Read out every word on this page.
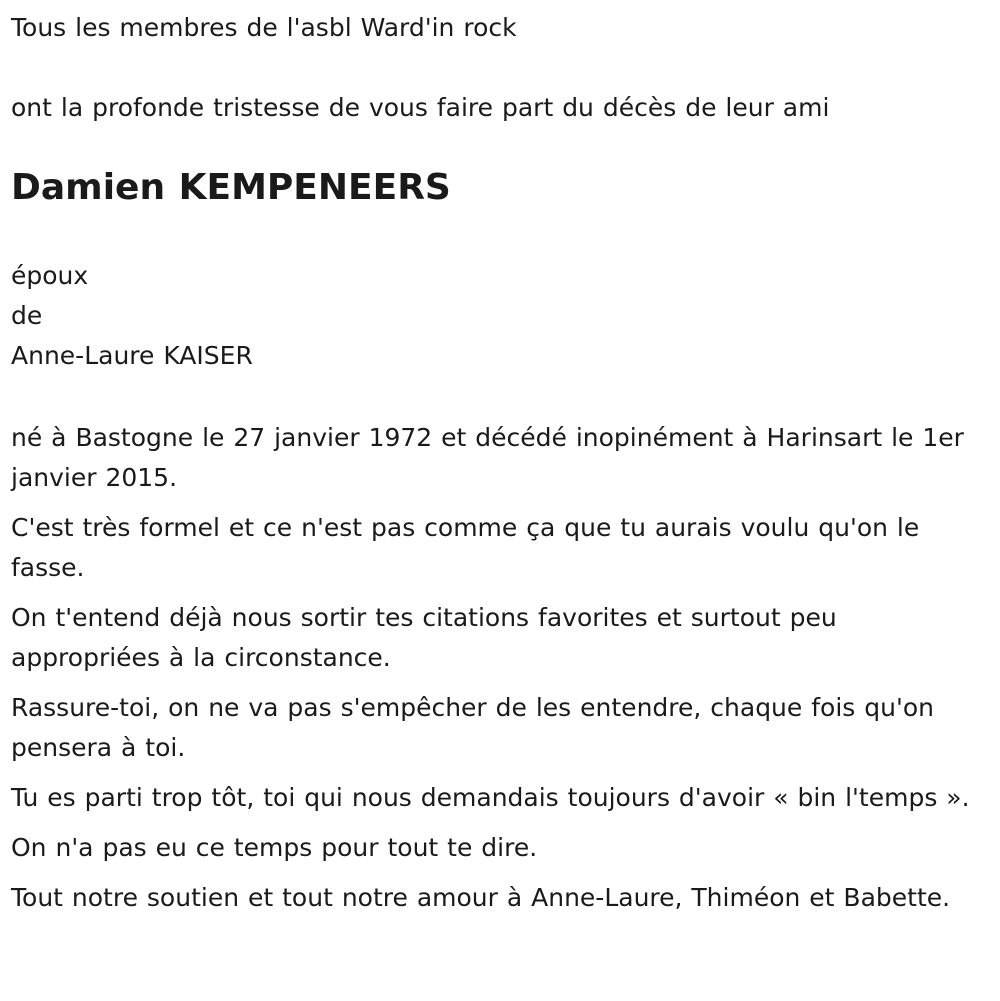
Tous les membres de l'asbl Ward'in rock

ont la profonde tristesse de vous faire part du décès de leur ami

Damien KEMPENEERS

époux

de

Anne-Laure KAISER

né à Bastogne le 27 janvier 1972 et décédé inopinément à Harinsart le 1er janvier 2015.

C'est très formel et ce n'est pas comme ça que tu aurais voulu qu'on le fasse.

On t'entend déjà nous sortir tes citations favorites et surtout peu appropriées à la circonstance.

Rassure-toi, on ne va pas s'empêcher de les entendre, chaque fois qu'on pensera à toi.

Tu es parti trop tôt, toi qui nous demandais toujours d'avoir « bin l'temps ».

On n'a pas eu ce temps pour tout te dire.

Tout notre soutien et tout notre amour à Anne-Laure, Thiméon et Babette.
